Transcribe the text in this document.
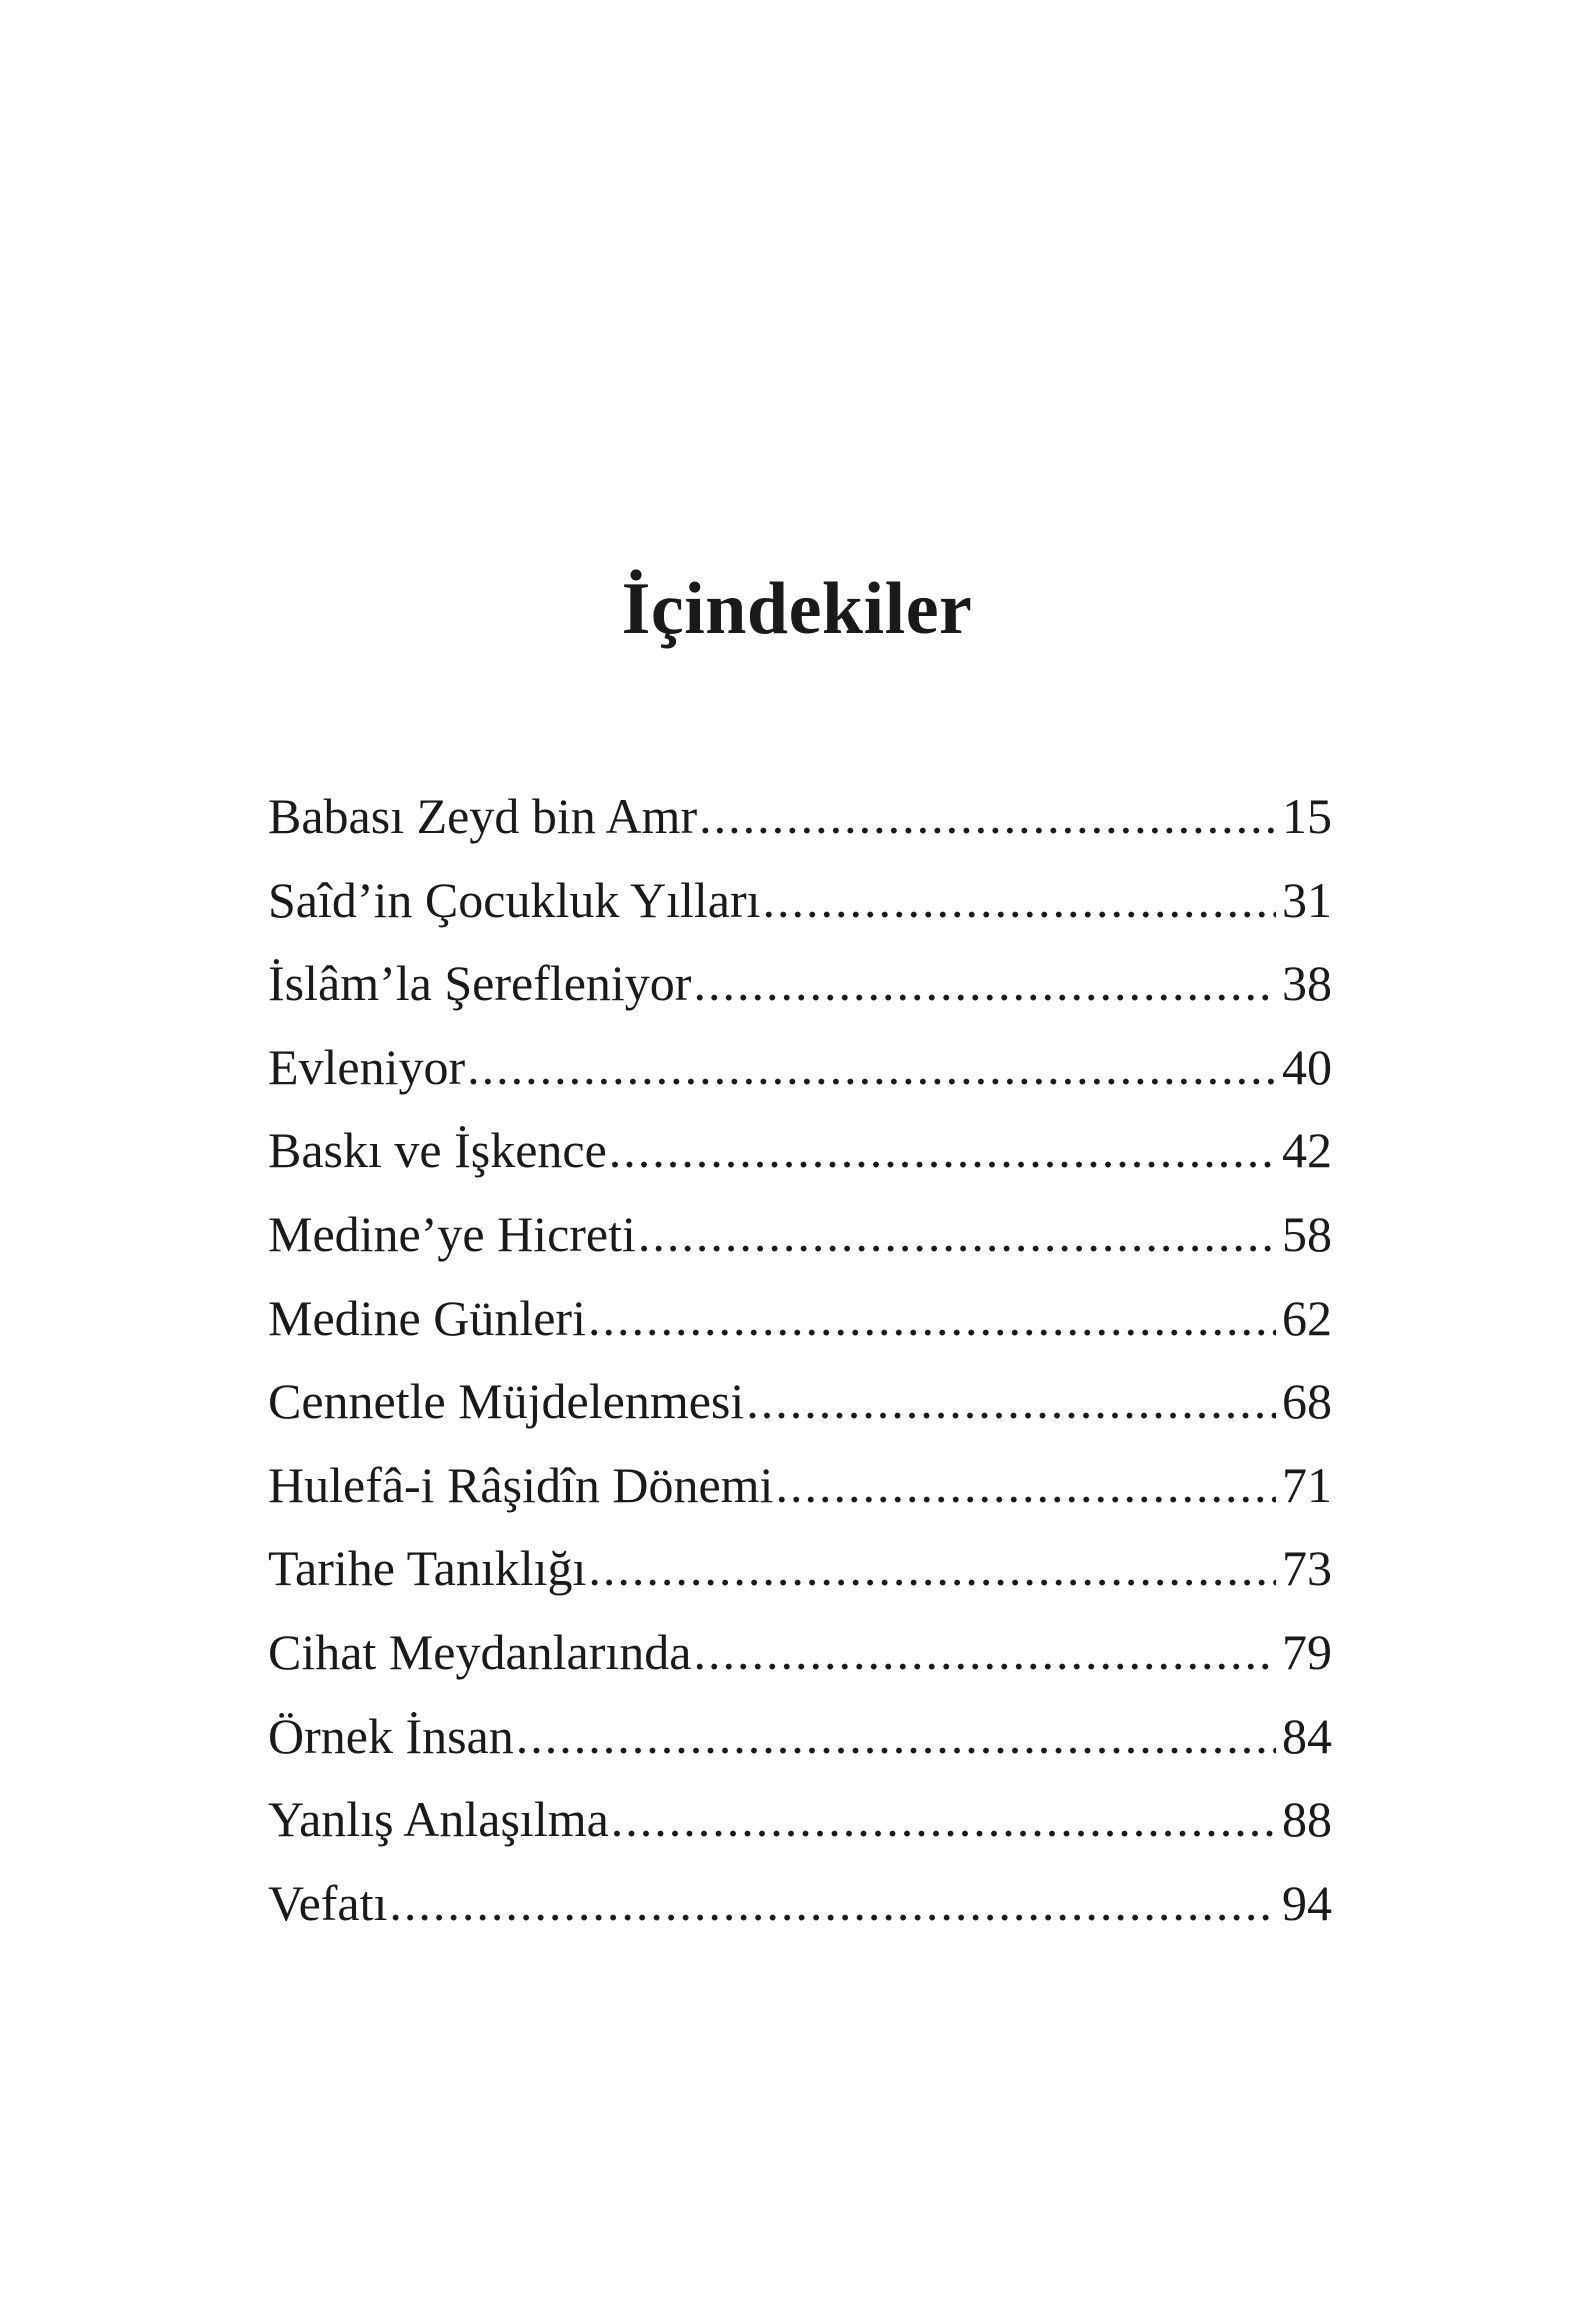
İçindekiler
Babası Zeyd bin Amr .....	15
Saîd’in Çocukluk Yılları .....	31
İslâm’la Şerefleniyor .....	38
Evleniyor .....	40
Baskı ve İşkence .....	42
Medine’ye Hicreti .....	58
Medine Günleri .....	62
Cennetle Müjdelenmesi .....	68
Hulefâ-i Râşidîn Dönemi .....	71
Tarihe Tanıklığı .....	73
Cihat Meydanlarında .....	79
Örnek İnsan .....	84
Yanlış Anlaşılma .....	88
Vefatı .....	94
